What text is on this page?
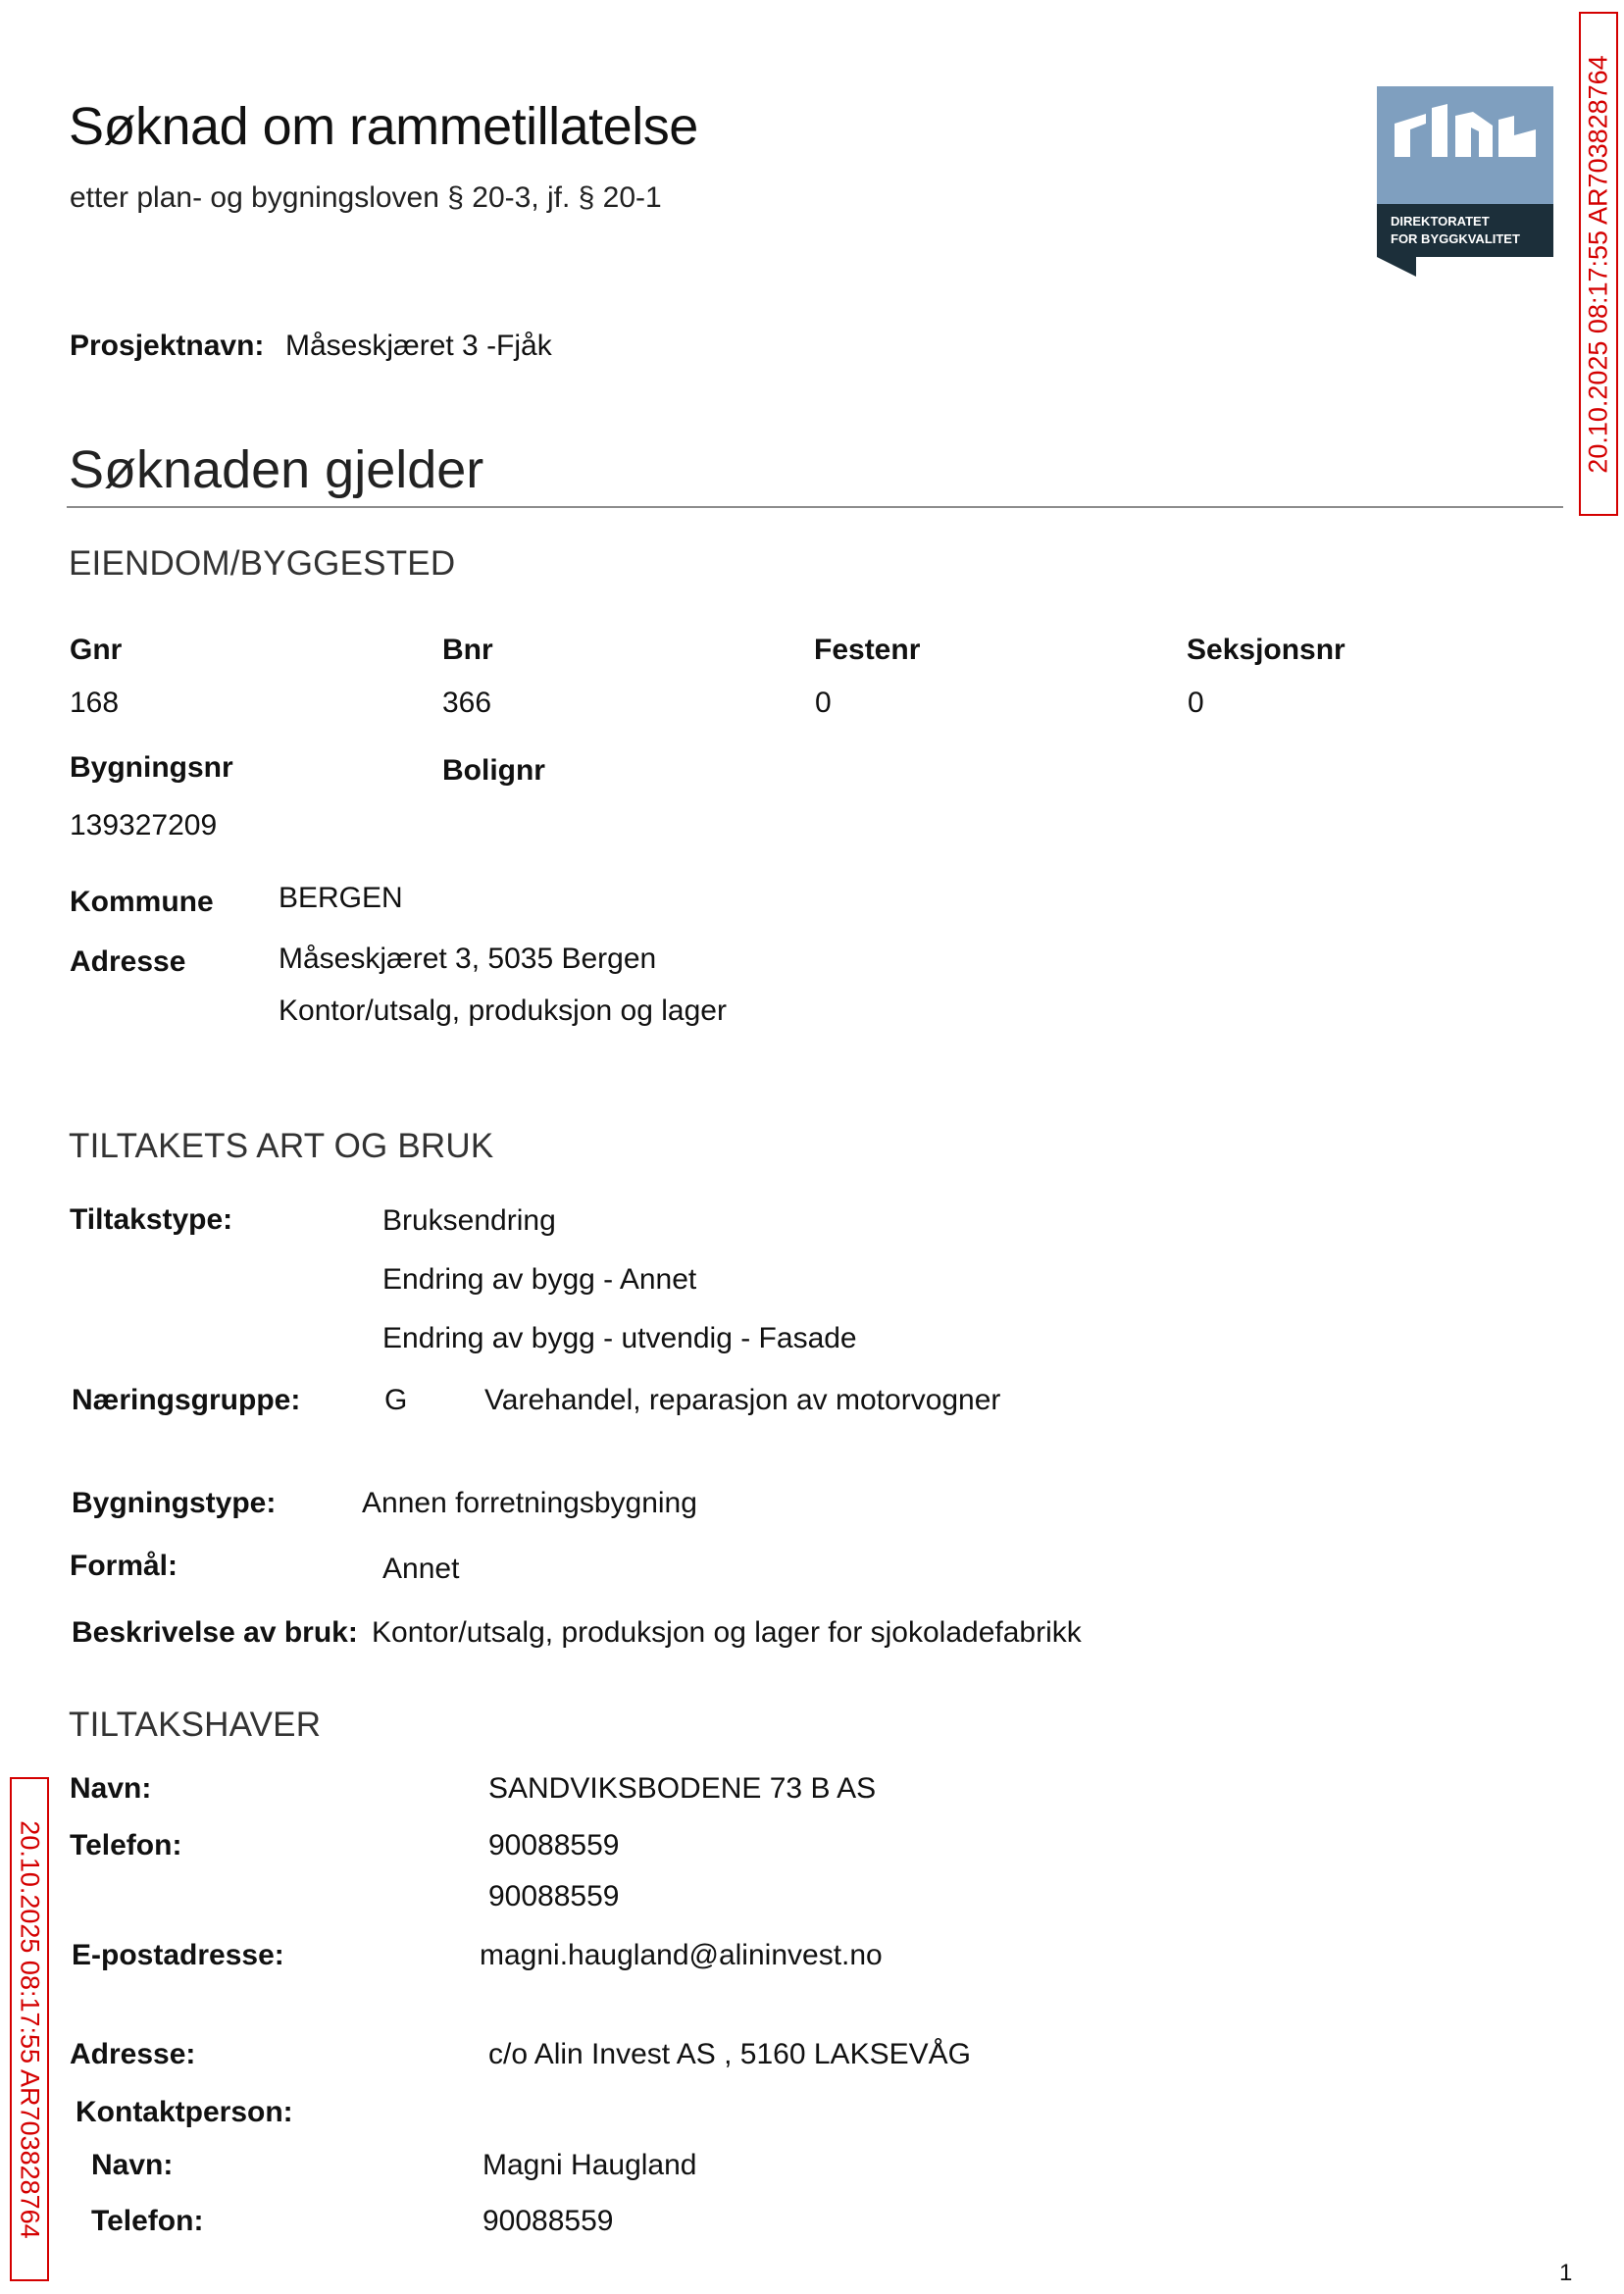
Søknad om rammetillatelse
etter plan- og bygningsloven § 20-3, jf. § 20-1
DIREKTORATET
FOR BYGGKVALITET 20.10.2025 08:17:55 AR703828764
Prosjektnavn: Måseskjæret 3 -Fjåk
Søknaden gjelder
EIENDOM/BYGGESTED
Gnr	Bnr	Festenr	Seksjonsnr
168	366	0	0
Bygningsnr	Bolignr
139327209
Kommune BERGEN
Adresse	Måseskjæret 3, 5035 Bergen
Kontor/utsalg, produksjon og lager
TILTAKETS ART OG BRUK
Tiltakstype:	Bruksendring
Endring av bygg - Annet
Endring av bygg - utvendig - Fasade
Næringsgruppe:	G	Varehandel, reparasjon av motorvogner
Bygningstype:	Annen forretningsbygning
Formål:	Annet
Beskrivelse av bruk: Kontor/utsalg, produksjon og lager for sjokoladefabrikk
TILTAKSHAVER
Navn:	SANDVIKSBODENE 73 B AS
Telefon:	90088559
90088559
E-postadresse:	magni.haugland@alininvest.no
Adresse:	c/o Alin Invest AS , 5160 LAKSEVÅG
Kontaktperson:
Navn:	Magni Haugland
Telefon:	90088559
20.10.2025 08:17:55 AR703828764
1
